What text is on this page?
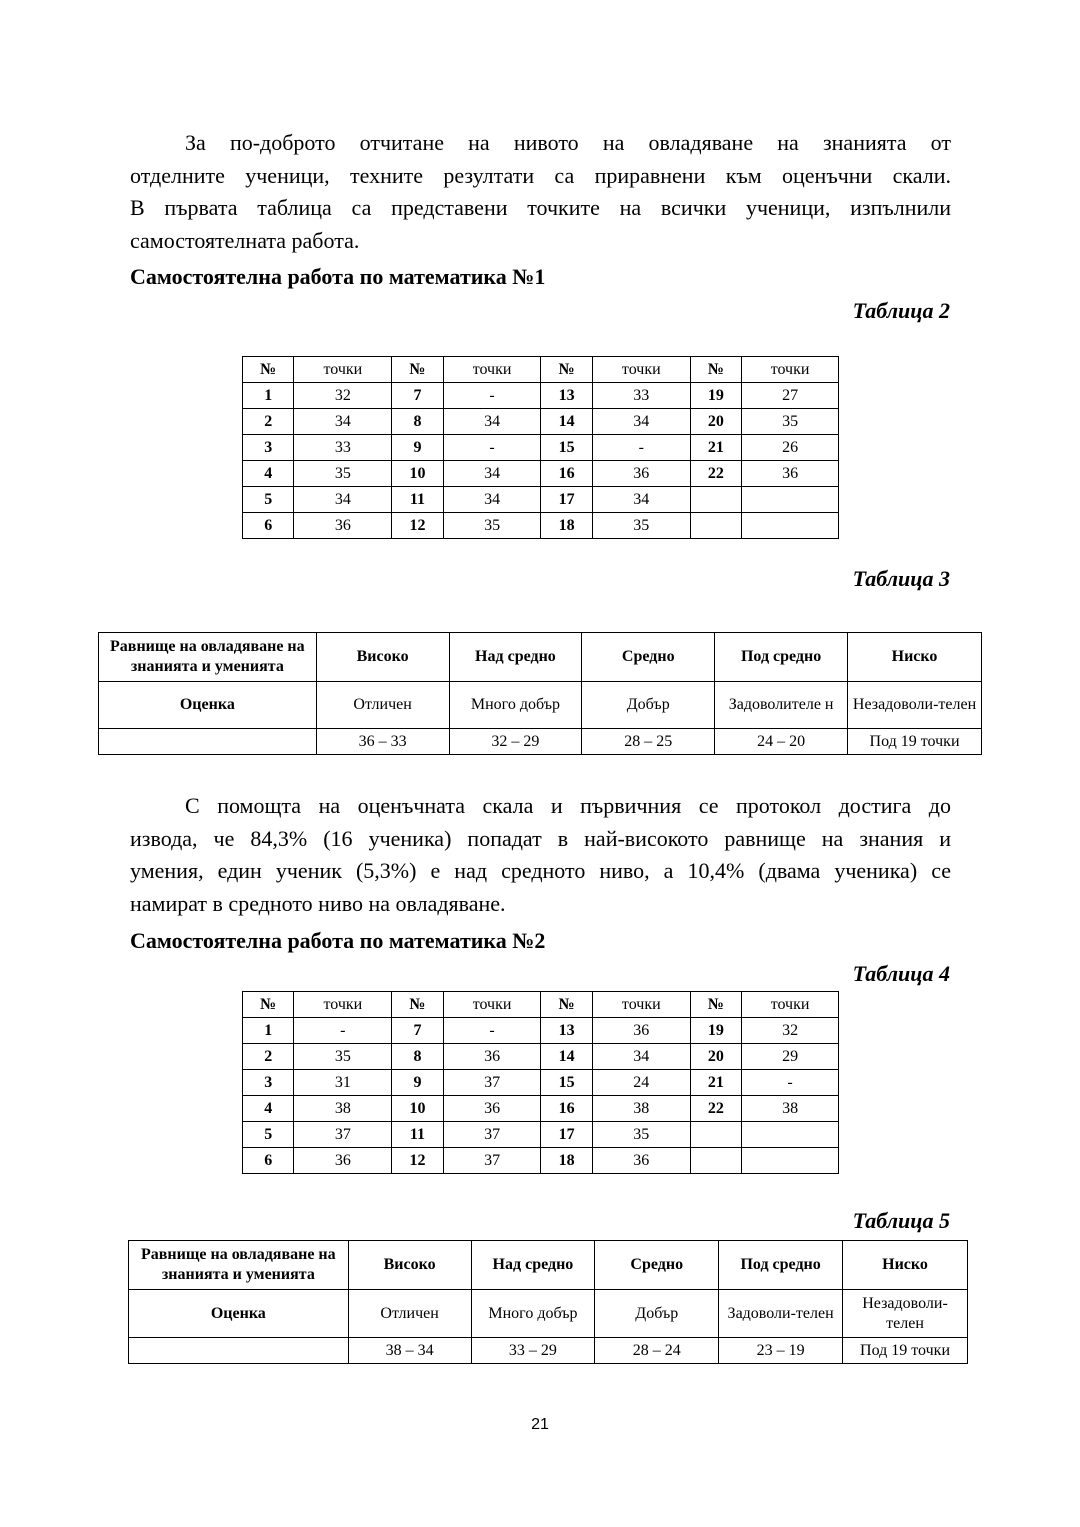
За по-доброто отчитане на нивото на овладяване на знанията от
отделните ученици, техните резултати са приравнени към оценъчни скали.
В първата таблица са представени точките на всички ученици, изпълнили
самостоятелната работа.
Самостоятелна работа по математика №1
Таблица 2
№	точки	№	точки	№	точки	№	точки
1	32	7	-	13	33	19	27
2	34	8	34	14	34	20	35
3	33	9	-	15	-	21	26
4	35	10	34	16	36	22	36
5	34	11	34	17	34		
6	36	12	35	18	35		
Таблица 3
Равнище на овладяване на знанията и уменията	Високо	Над средно	Средно	Под средно	Ниско
Оценка	Отличен	Много добър	Добър	Задоволителе н	Незадоволи-телен
	36 – 33	32 – 29	28 – 25	24 – 20	Под 19 точки
С помощта на оценъчната скала и първичния се протокол достига до
извода, че 84,3% (16 ученика) попадат в най-високото равнище на знания и
умения, един ученик (5,3%) е над средното ниво, а 10,4% (двама ученика) се
намират в средното ниво на овладяване.
Самостоятелна работа по математика №2
Таблица 4
№	точки	№	точки	№	точки	№	точки
1	-	7	-	13	36	19	32
2	35	8	36	14	34	20	29
3	31	9	37	15	24	21	-
4	38	10	36	16	38	22	38
5	37	11	37	17	35		
6	36	12	37	18	36		
Таблица 5
Равнище на овладяване на знанията и уменията	Високо	Над средно	Средно	Под средно	Ниско
Оценка	Отличен	Много добър	Добър	Задоволи-телен	Незадоволи-телен
	38 – 34	33 – 29	28 – 24	23 – 19	Под 19 точки
21
